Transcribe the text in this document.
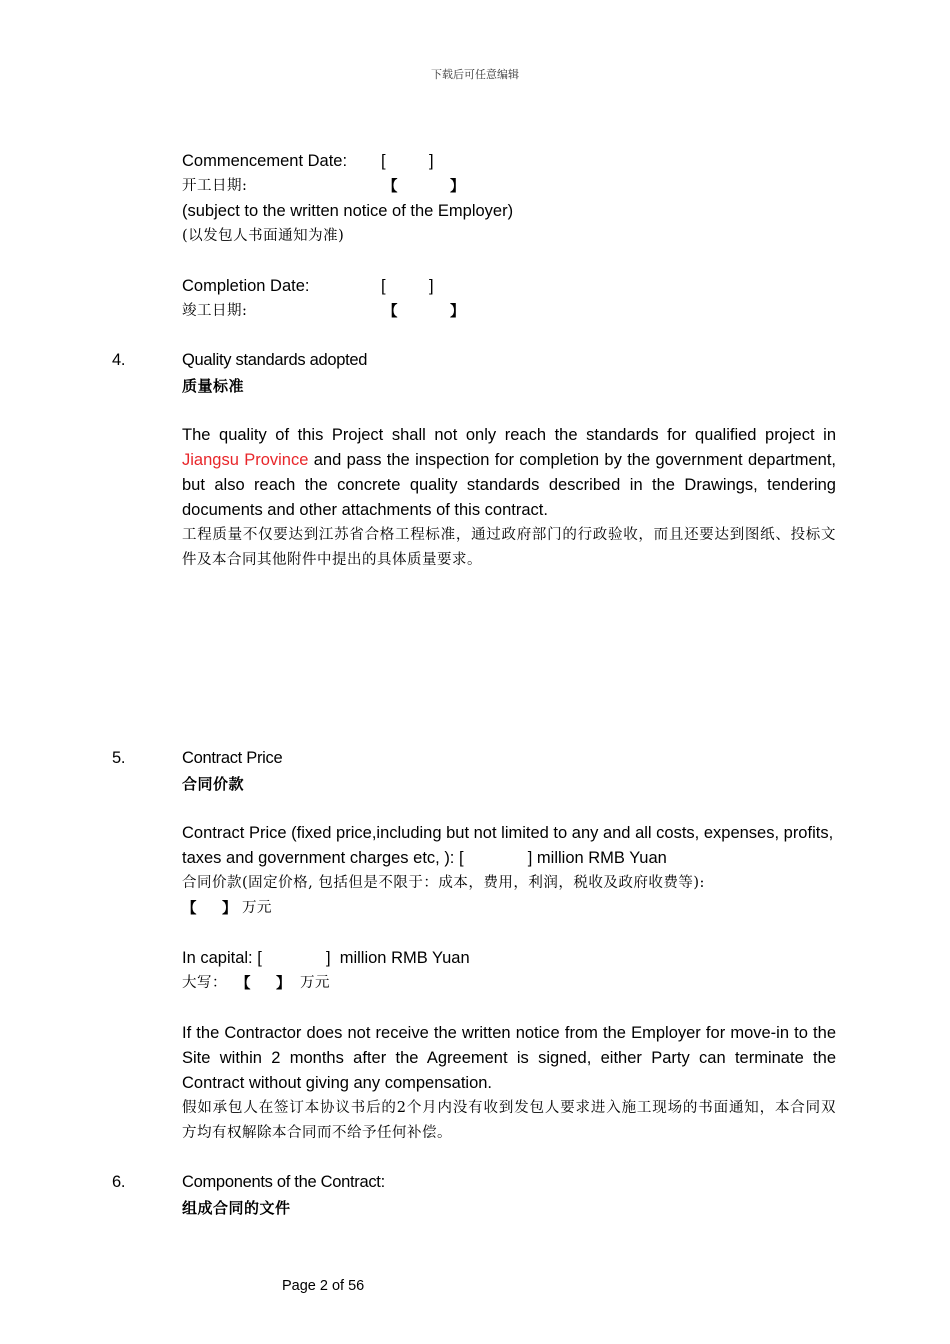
下载后可任意编辑
Commencement Date: [	]
开工日期:	【	】
(subject to the written notice of the Employer)
(以发包人书面通知为准)
Completion Date:	[	]
竣工日期:	【	】
4.	Quality standards adopted
质量标准
The quality of this Project shall not only reach the standards for qualified project in Jiangsu Province and pass the inspection for completion by the government department, but also reach the concrete quality standards described in the Drawings, tendering documents and other attachments of this contract.
工程质量不仅要达到江苏省合格工程标准，通过政府部门的行政验收，而且还要达到图纸、投标文件及本合同其他附件中提出的具体质量要求。
5.	Contract Price
合同价款
Contract Price (fixed price,including but not limited to any and all costs, expenses, profits, taxes and government charges etc, ): [              ] million RMB Yuan
合同价款(固定价格, 包括但是不限于：成本，费用，利润，税收及政府收费等):
【 】 万元
In capital: [              ]  million RMB Yuan
大写： 【 】 万元
If the Contractor does not receive the written notice from the Employer for move-in to the Site within 2 months after the Agreement is signed, either Party can terminate the Contract without giving any compensation.
假如承包人在签订本协议书后的2个月内没有收到发包人要求进入施工现场的书面通知，本合同双方均有权解除本合同而不给予任何补偿。
6.	Components of the Contract:
组成合同的文件
Page 2 of 56
